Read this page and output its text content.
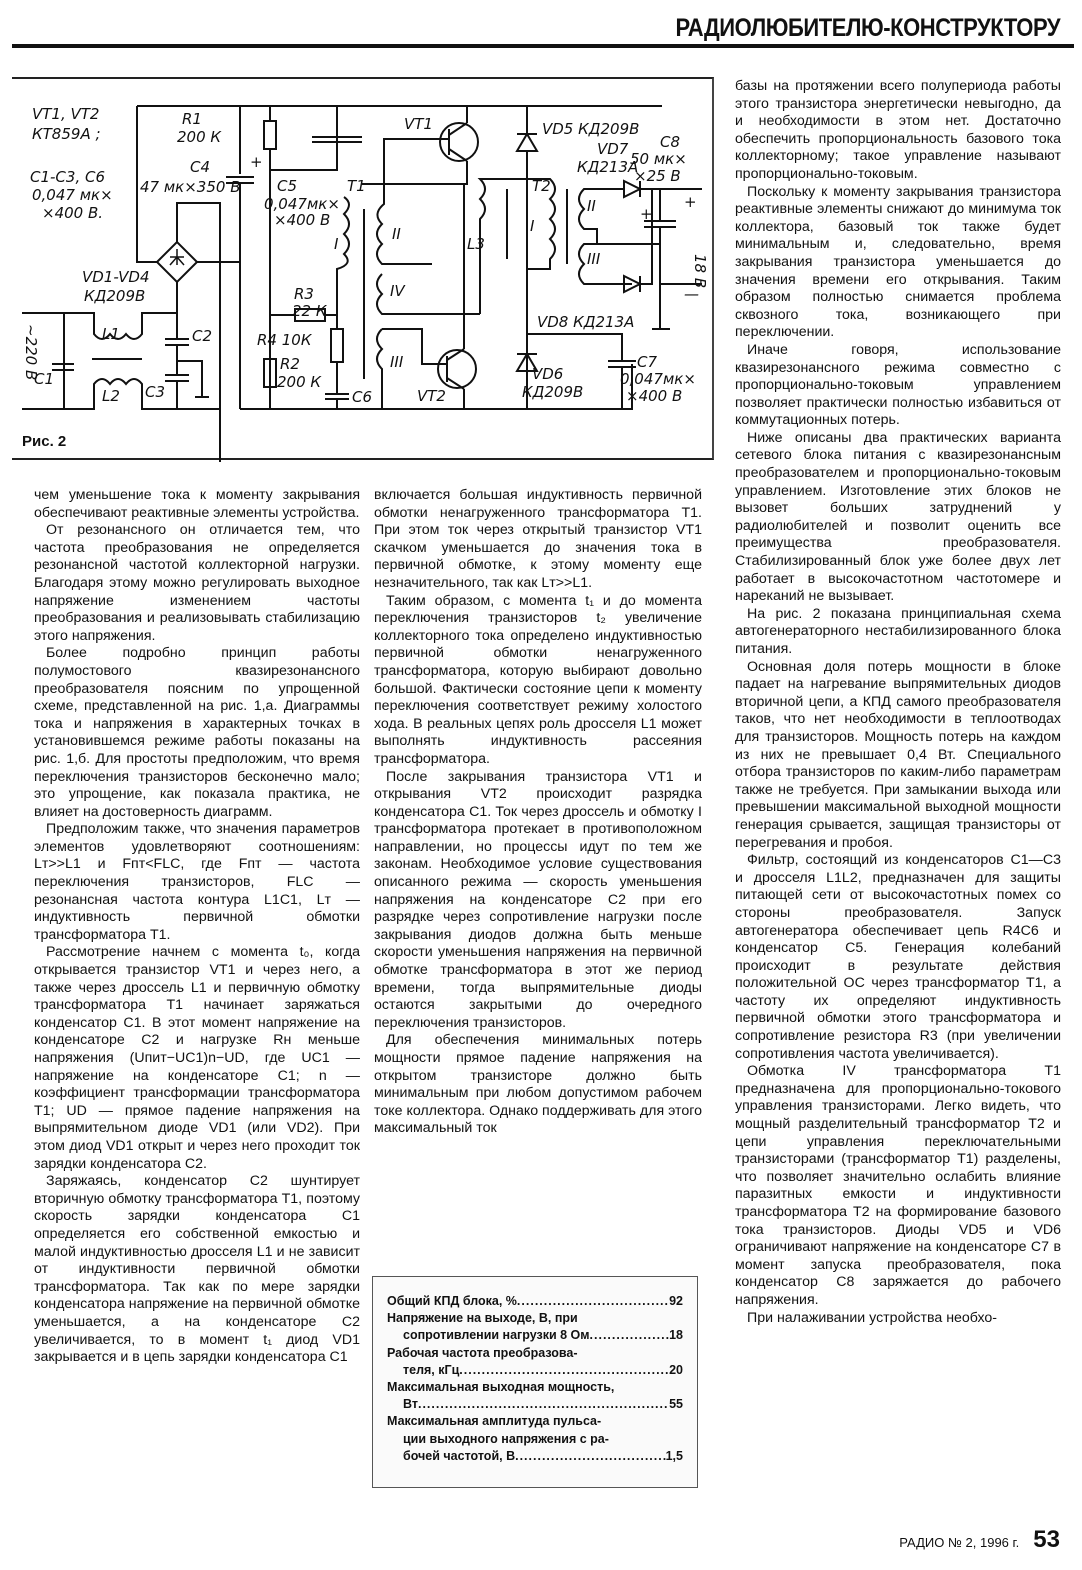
РАДИОЛЮБИТЕЛЮ-КОНСТРУКТОРУ
VT1, VT2
КТ859А ;
C1-C3, C6
0,047 мк×
×400 В.
VD1-VD4
КД209В
+
C4
47 мк×350 В
R1
200 К
C5
0,047мк×
×400 В
R3
22 К
R4 10К
R2
200 К
C6
T1
I
II
IV
III
VT1
VT2
L3
VD5 КД209В
VD6
КД209В
T2
I
II
III
VD7
КД213А
VD8 КД213А
+
C8
50 мк×
×25 В
+
—
18 В
C7
0,047мк×
×400 В
L1
L2
C2
C3
C1
~220 В
Рис. 2

чем уменьшение тока к моменту закрывания обеспечивают реактивные элементы устройства.

От резонансного он отличается тем, что частота преобразования не определяется резонансной частотой коллекторной нагрузки. Благодаря этому можно регулировать выходное напряжение изменением частоты преобразования и реализовывать стабилизацию этого напряжения.

Более подробно принцип работы полумостового квазирезонансного преобразователя поясним по упрощенной схеме, представленной на рис. 1,а. Диаграммы тока и напряжения в характерных точках в установившемся режиме работы показаны на рис. 1,б. Для простоты предположим, что время переключения транзисторов бесконечно мало; это упрощение, как показала практика, не влияет на достоверность диаграмм.

Предположим также, что значения параметров элементов удовлетворяют соотношениям: Lт>>L1 и Fпт<FLC, где Fпт — частота переключения транзисторов, FLC — резонансная частота контура L1C1, Lт — индуктивность первичной обмотки трансформатора Т1.

Рассмотрение начнем с момента t₀, когда открывается транзистор VT1 и через него, а также через дроссель L1 и первичную обмотку трансформатора Т1 начинает заряжаться конденсатор С1. В этот момент напряжение на конденсаторе С2 и нагрузке Rн меньше напряжения (Uпит−UC1)n−UD, где UC1 — напряжение на конденсаторе С1; n — коэффициент трансформации трансформатора Т1; UD — прямое падение напряжения на выпрямительном диоде VD1 (или VD2). При этом диод VD1 открыт и через него проходит ток зарядки конденсатора С2.

Заряжаясь, конденсатор С2 шунтирует вторичную обмотку трансформатора Т1, поэтому скорость зарядки конденсатора С1 определяется его собственной емкостью и малой индуктивностью дросселя L1 и не зависит от индуктивности первичной обмотки трансформатора. Так как по мере зарядки конденсатора напряжение на первичной обмотке уменьшается, а на конденсаторе С2 увеличивается, то в момент t₁ диод VD1 закрывается и в цепь зарядки конденсатора С1

включается большая индуктивность первичной обмотки ненагруженного трансформатора Т1. При этом ток через открытый транзистор VT1 скачком уменьшается до значения тока в первичной обмотке, к этому моменту еще незначительного, так как Lт>>L1.

Таким образом, с момента t₁ и до момента переключения транзисторов t₂ увеличение коллекторного тока определено индуктивностью первичной обмотки ненагруженного трансформатора, которую выбирают довольно большой. Фактически состояние цепи к моменту переключения соответствует режиму холостого хода. В реальных цепях роль дросселя L1 может выполнять индуктивность рассеяния трансформатора.

После закрывания транзистора VT1 и открывания VT2 происходит разрядка конденсатора С1. Ток через дроссель и обмотку I трансформатора протекает в противоположном направлении, но процессы идут по тем же законам. Необходимое условие существования описанного режима — скорость уменьшения напряжения на конденсаторе С2 при его разрядке через сопротивление нагрузки после закрывания диодов должна быть меньше скорости уменьшения напряжения на первичной обмотке трансформатора в этот же период времени, тогда выпрямительные диоды остаются закрытыми до очередного переключения транзисторов.

Для обеспечения минимальных потерь мощности прямое падение напряжения на открытом транзисторе должно быть минимальным при любом допустимом рабочем токе коллектора. Однако поддерживать для этого максимальный ток

Общий КПД блока, % .....	92
Напряжение на выходе, В, при
сопротивлении нагрузки 8 Ом .....	18
Рабочая частота преобразова-
теля, кГц .....	20
Максимальная выходная мощность,
Вт .....	55
Максимальная амплитуда пульса-
ции выходного напряжения с ра-
бочей частотой, В .....	1,5

базы на протяжении всего полупериода работы этого транзистора энергетически невыгодно, да и необходимости в этом нет. Достаточно обеспечить пропорциональность базового тока коллекторному; такое управление называют пропорционально-токовым.

Поскольку к моменту закрывания транзистора реактивные элементы снижают до минимума ток коллектора, базовый ток также будет минимальным и, следовательно, время закрывания транзистора уменьшается до значения времени его открывания. Таким образом полностью снимается проблема сквозного тока, возникающего при переключении.

Иначе говоря, использование квазирезонансного режима совместно с пропорционально-токовым управлением позволяет практически полностью избавиться от коммутационных потерь.

Ниже описаны два практических варианта сетевого блока питания с квазирезонансным преобразователем и пропорционально-токовым управлением. Изготовление этих блоков не вызовет больших затруднений у радиолюбителей и позволит оценить все преимущества преобразователя. Стабилизированный блок уже более двух лет работает в высокочастотном частотомере и нареканий не вызывает.

На рис. 2 показана принципиальная схема автогенераторного нестабилизированного блока питания.

Основная доля потерь мощности в блоке падает на нагревание выпрямительных диодов вторичной цепи, а КПД самого преобразователя таков, что нет необходимости в теплоотводах для транзисторов. Мощность потерь на каждом из них не превышает 0,4 Вт. Специального отбора транзисторов по каким-либо параметрам также не требуется. При замыкании выхода или превышении максимальной выходной мощности генерация срывается, защищая транзисторы от перегревания и пробоя.

Фильтр, состоящий из конденсаторов С1—С3 и дросселя L1L2, предназначен для защиты питающей сети от высокочастотных помех со стороны преобразователя. Запуск автогенератора обеспечивает цепь R4C6 и конденсатор С5. Генерация колебаний происходит в результате действия положительной ОС через трансформатор Т1, а частоту их определяют индуктивность первичной обмотки этого трансформатора и сопротивление резистора R3 (при увеличении сопротивления частота увеличивается).

Обмотка IV трансформатора Т1 предназначена для пропорционально-токового управления транзисторами. Легко видеть, что мощный разделительный трансформатор Т2 и цепи управления переключательными транзисторами (трансформатор Т1) разделены, что позволяет значительно ослабить влияние паразитных емкости и индуктивности трансформатора Т2 на формирование базового тока транзисторов. Диоды VD5 и VD6 ограничивают напряжение на конденсаторе С7 в момент запуска преобразователя, пока конденсатор С8 заряжается до рабочего напряжения.

При налаживании устройства необхо-

РАДИО № 2, 1996 г. 53
